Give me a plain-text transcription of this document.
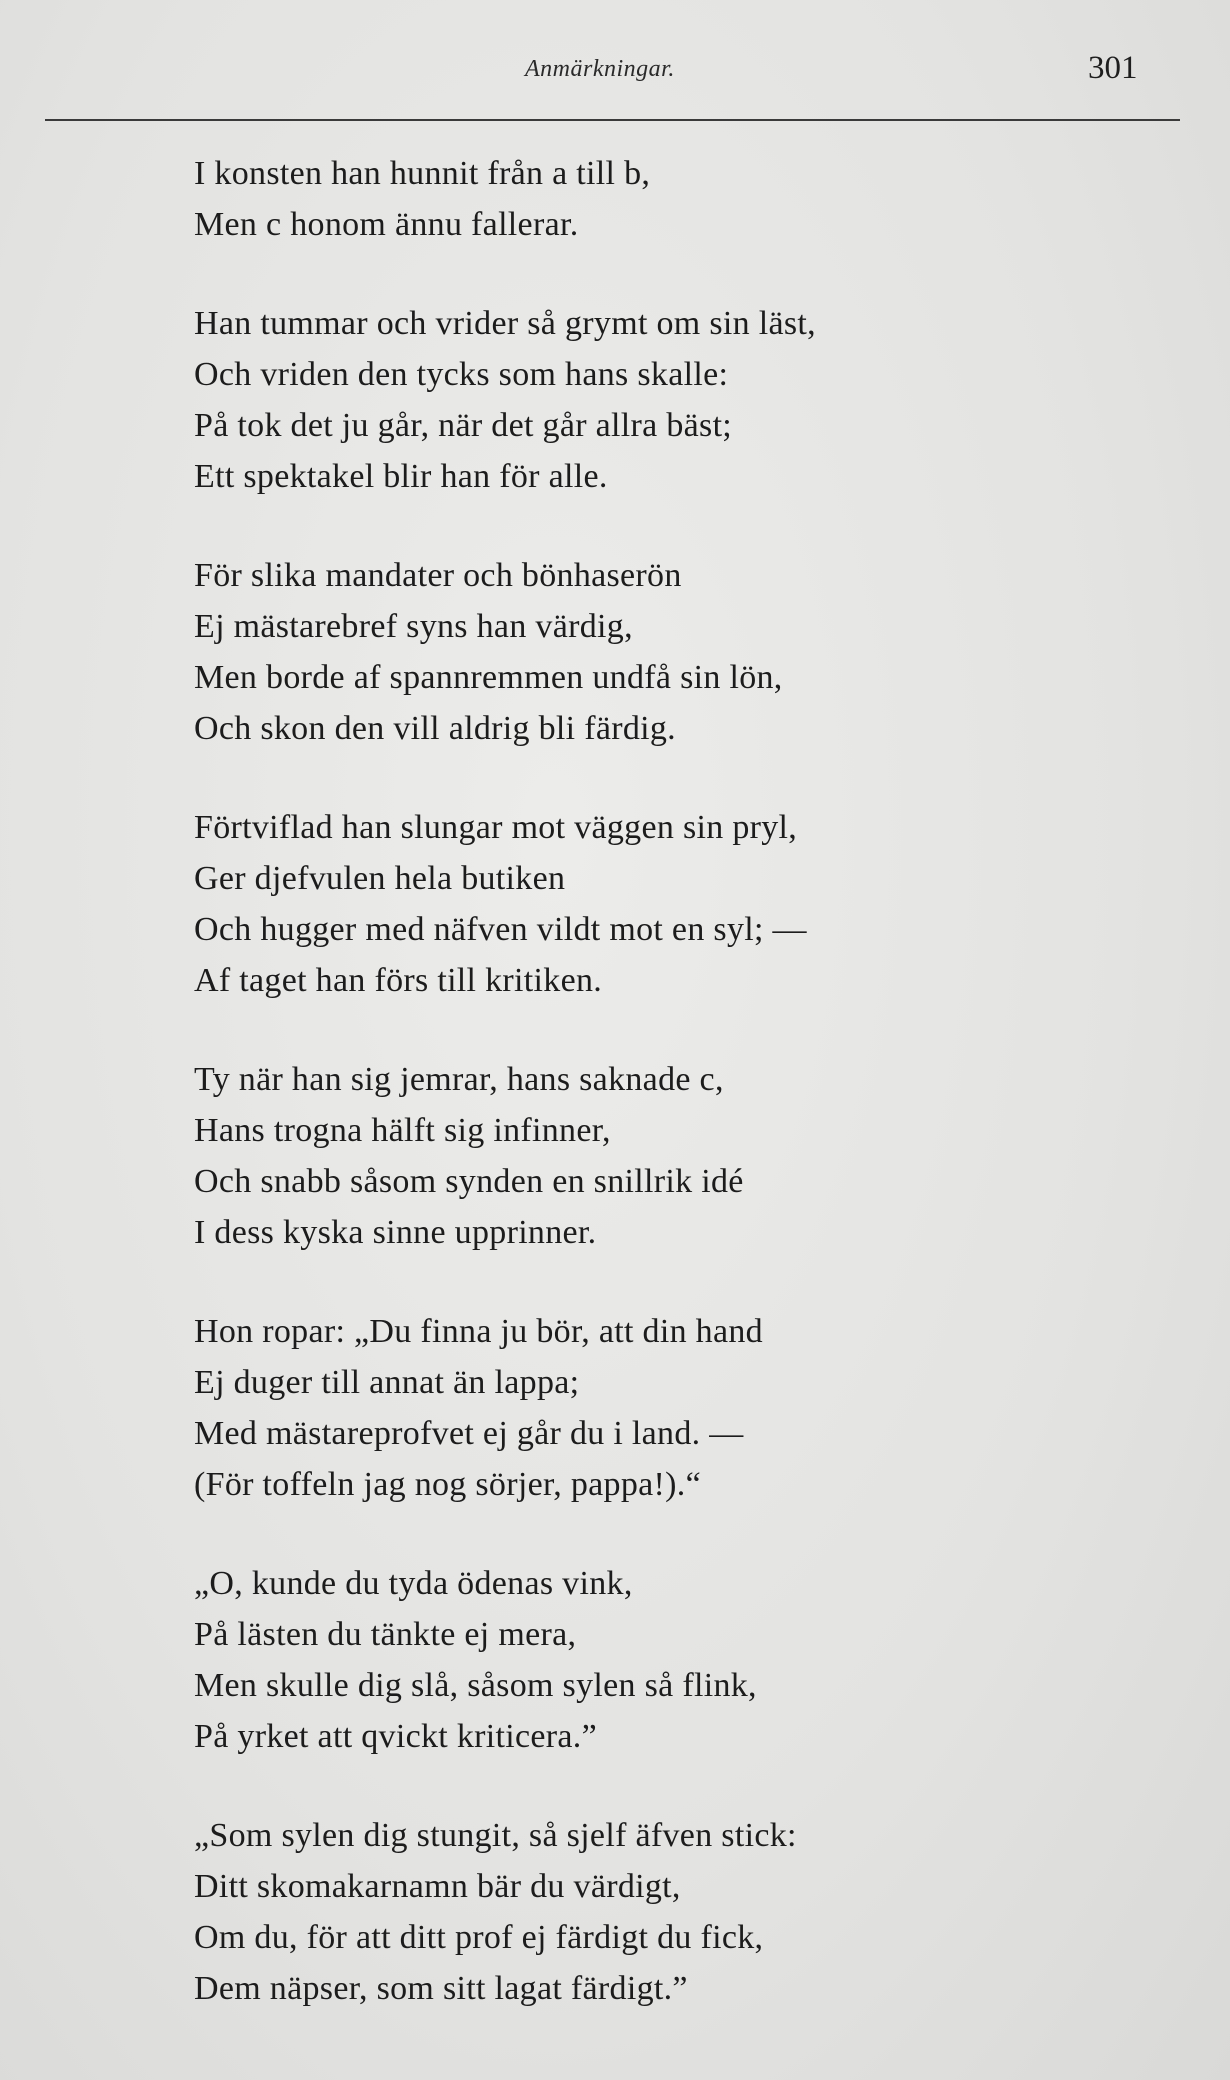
Anmärkningar.	301
I konsten han hunnit från a till b,
Men c honom ännu fallerar.
Han tummar och vrider så grymt om sin läst,
Och vriden den tycks som hans skalle:
På tok det ju går, när det går allra bäst;
Ett spektakel blir han för alle.
För slika mandater och bönhaserön
Ej mästarebref syns han värdig,
Men borde af spannremmen undfå sin lön,
Och skon den vill aldrig bli färdig.
Förtviflad han slungar mot väggen sin pryl,
Ger djefvulen hela butiken
Och hugger med näfven vildt mot en syl; —
Af taget han förs till kritiken.
Ty när han sig jemrar, hans saknade c,
Hans trogna hälft sig infinner,
Och snabb såsom synden en snillrik idé
I dess kyska sinne upprinner.
Hon ropar: „Du finna ju bör, att din hand
Ej duger till annat än lappa;
Med mästareprofvet ej går du i land. —
(För toffeln jag nog sörjer, pappa!).“
„O, kunde du tyda ödenas vink,
På lästen du tänkte ej mera,
Men skulle dig slå, såsom sylen så flink,
På yrket att qvickt kriticera.”
„Som sylen dig stungit, så sjelf äfven stick:
Ditt skomakarnamn bär du värdigt,
Om du, för att ditt prof ej färdigt du fick,
Dem näpser, som sitt lagat färdigt.”
